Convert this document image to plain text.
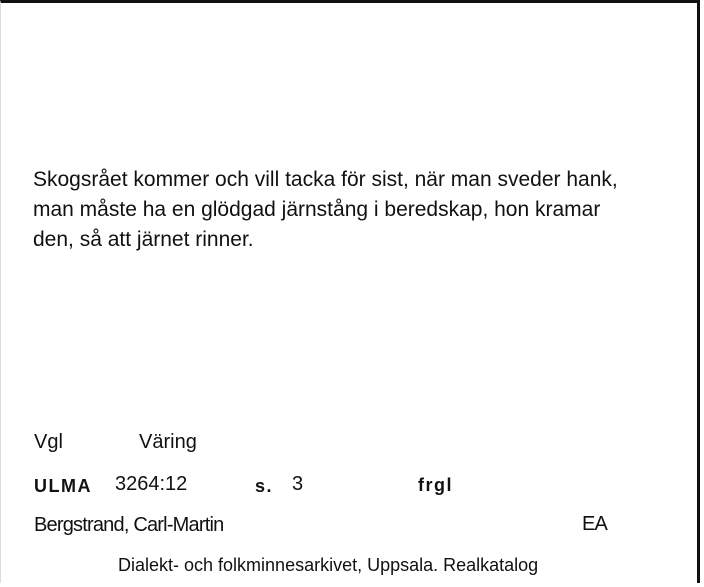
Skogsrået kommer och vill tacka för sist, när man sveder hank,
man måste ha en glödgad järnstång i beredskap, hon kramar
den, så att järnet rinner.
Vgl	Väring
ULMA 3264:12	s. 3	frgl
Bergstrand, Carl-Martin	EA
Dialekt- och folkminnesarkivet, Uppsala. Realkatalog
